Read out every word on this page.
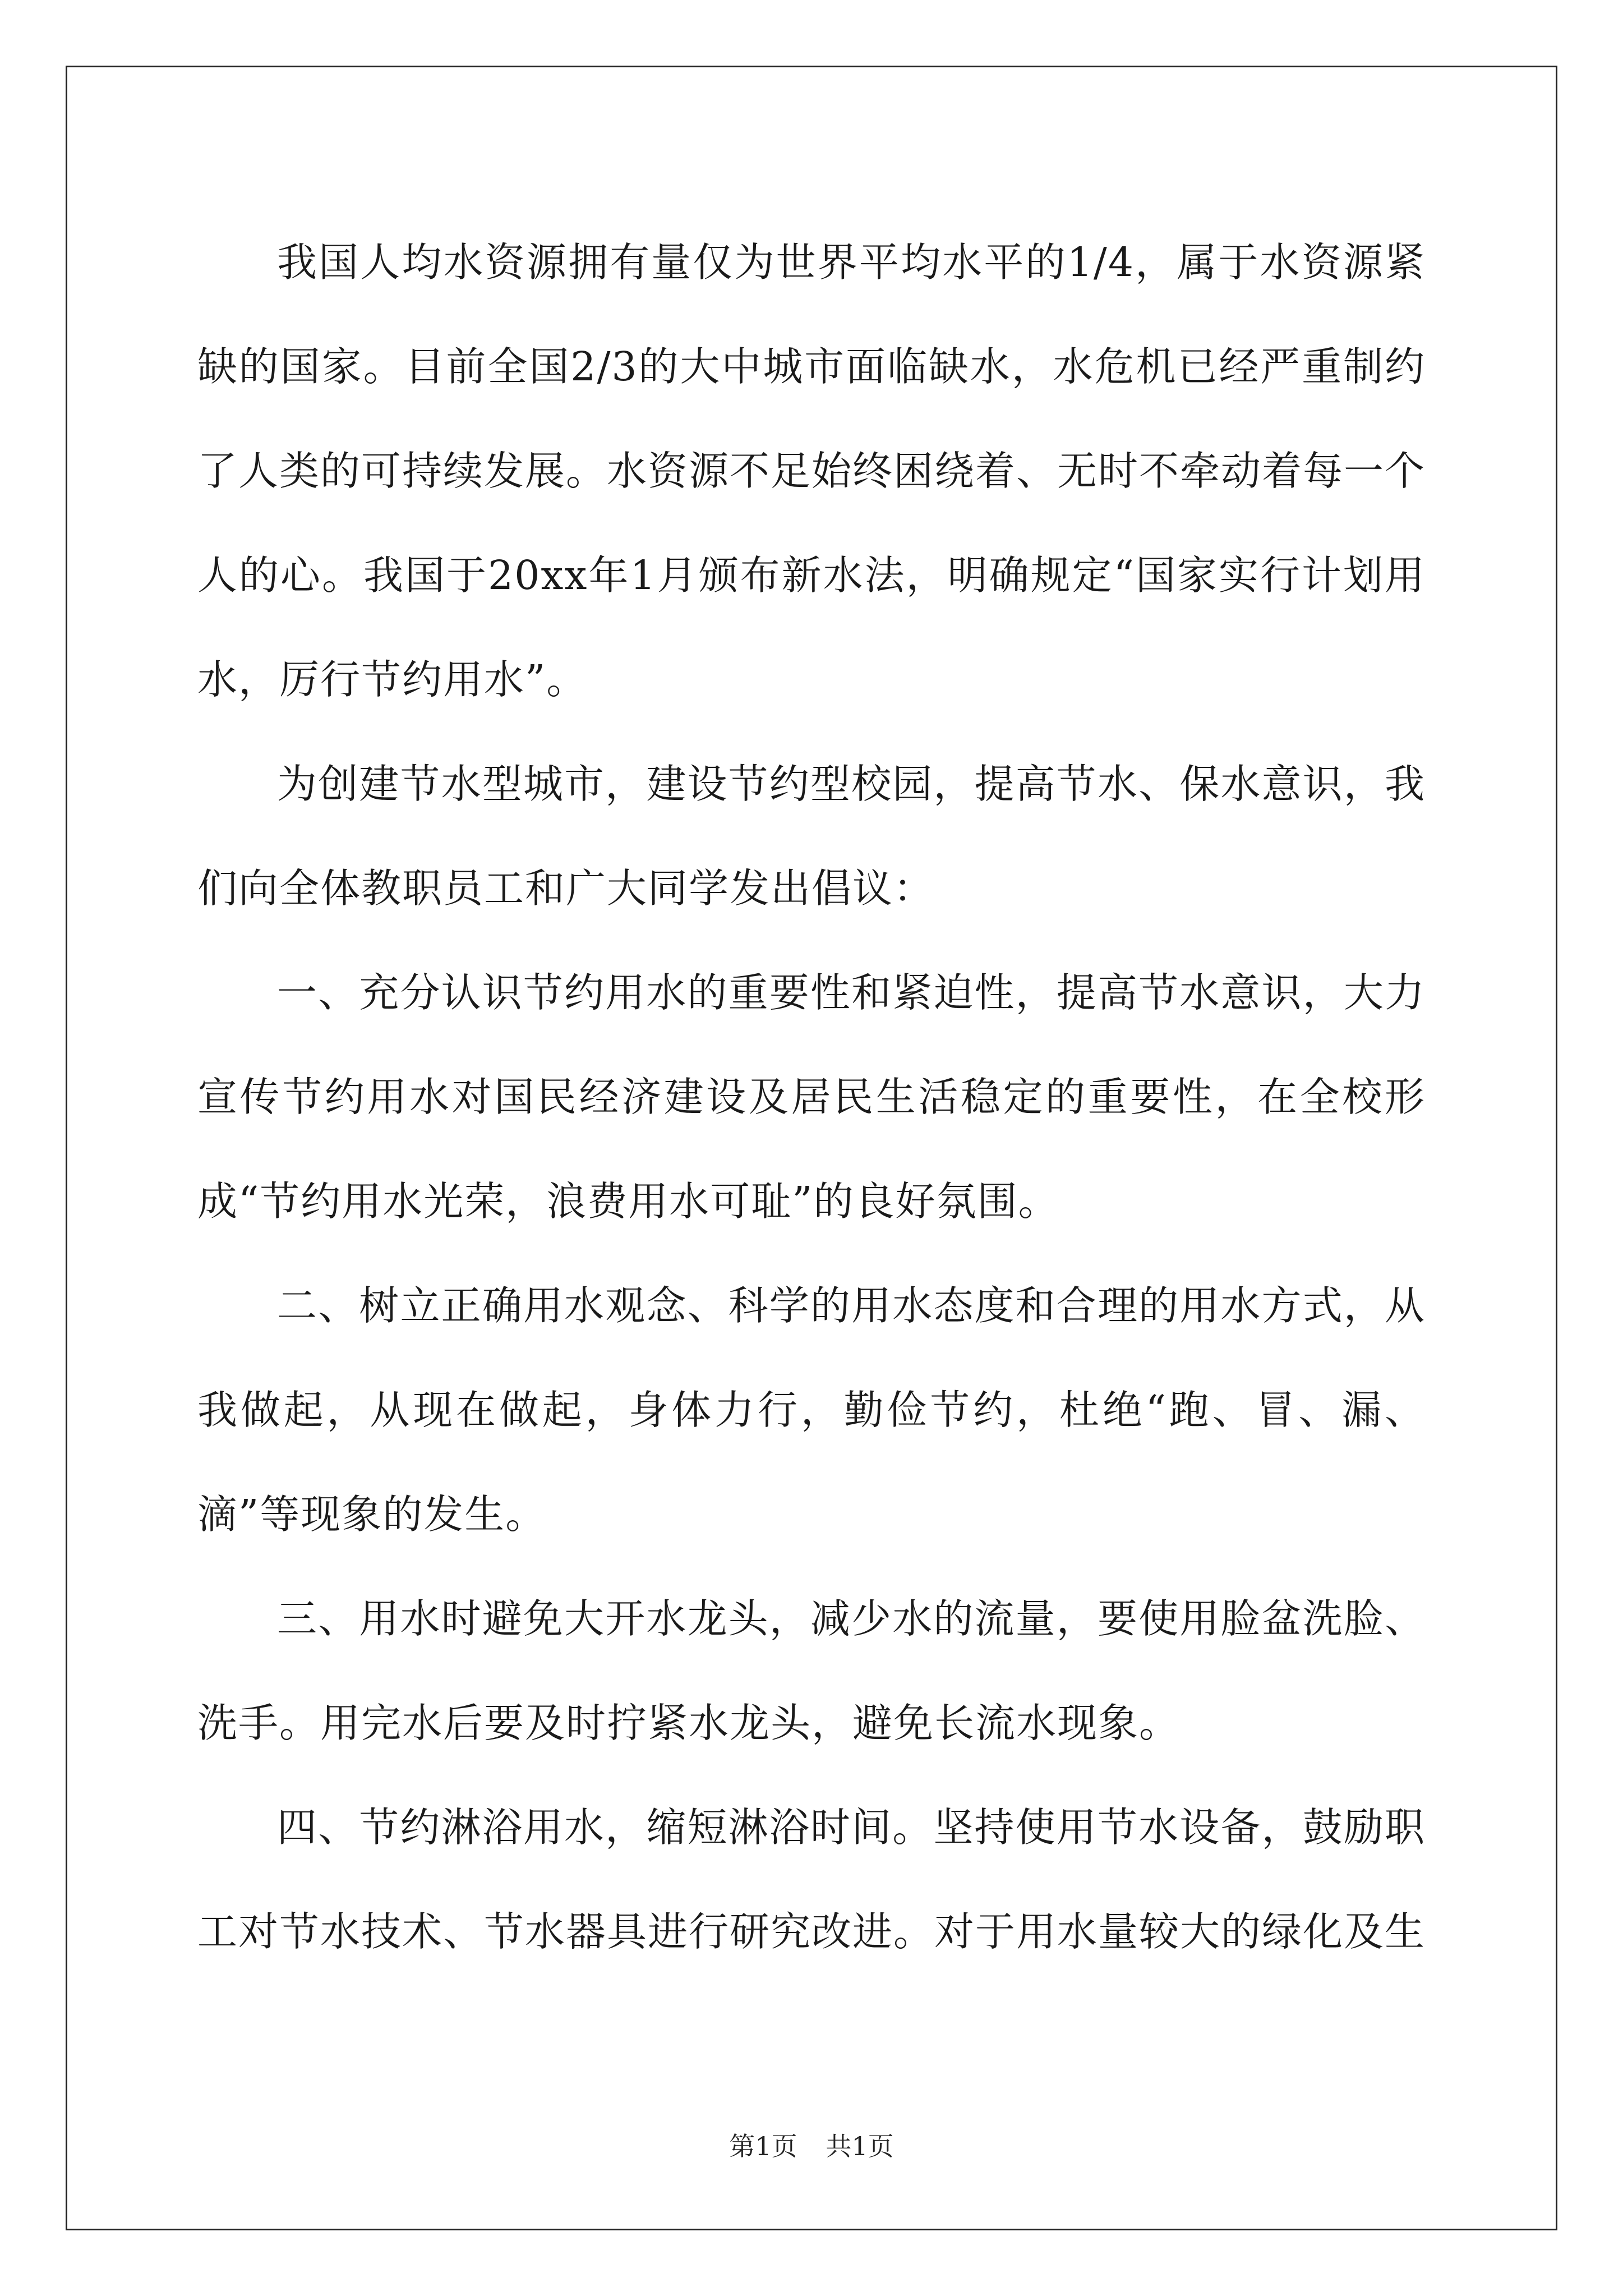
我国人均水资源拥有量仅为世界平均水平的1/4，属于水资源紧缺的国家。目前全国2/3的大中城市面临缺水，水危机已经严重制约了人类的可持续发展。水资源不足始终困绕着、无时不牵动着每一个人的心。我国于20xx年1月颁布新水法，明确规定“国家实行计划用水，厉行节约用水”。

为创建节水型城市，建设节约型校园，提高节水、保水意识，我们向全体教职员工和广大同学发出倡议：

一、充分认识节约用水的重要性和紧迫性，提高节水意识，大力宣传节约用水对国民经济建设及居民生活稳定的重要性，在全校形成“节约用水光荣，浪费用水可耻”的良好氛围。

二、树立正确用水观念、科学的用水态度和合理的用水方式，从我做起，从现在做起，身体力行，勤俭节约，杜绝“跑、冒、漏、滴”等现象的发生。

三、用水时避免大开水龙头，减少水的流量，要使用脸盆洗脸、洗手。用完水后要及时拧紧水龙头，避免长流水现象。

四、节约淋浴用水，缩短淋浴时间。坚持使用节水设备，鼓励职工对节水技术、节水器具进行研究改进。对于用水量较大的绿化及生

第1页 共1页
